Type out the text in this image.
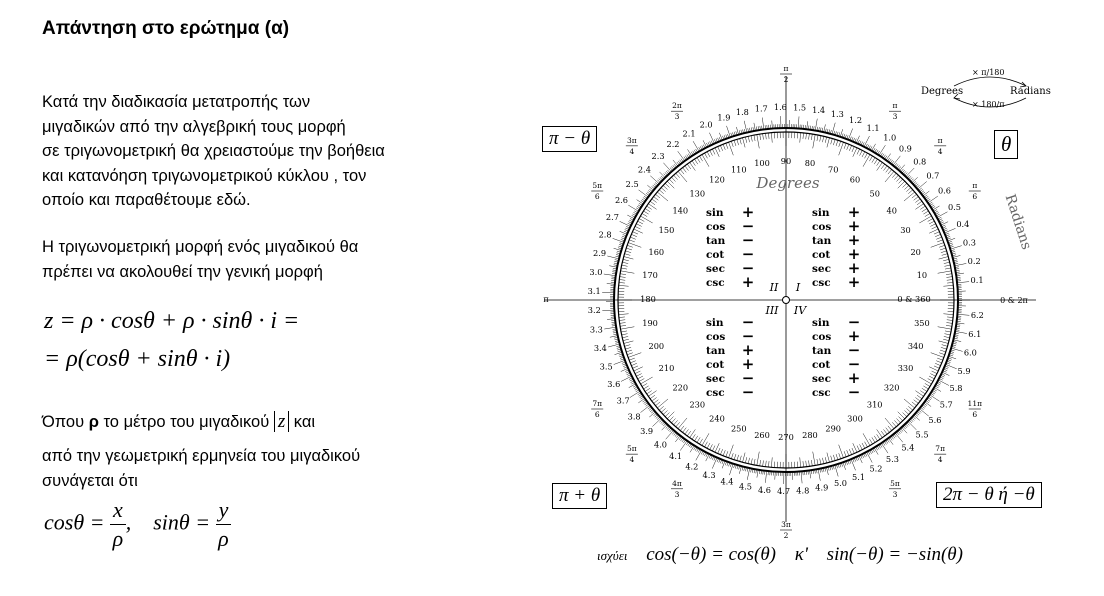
Απάντηση στο ερώτημα (α)
Κατά την διαδικασία μετατροπής των
μιγαδικών από την αλγεβρική τους μορφή
σε τριγωνομετρική θα χρειαστούμε την βοήθεια
και κατανόηση τριγωνομετρικού κύκλου , τον
οποίο και παραθέτουμε εδώ.
Η τριγωνομετρική μορφή ενός μιγαδικού θα
πρέπει να ακολουθεί την γενική μορφή
z = ρ · cosθ + ρ · sinθ · i =
= ρ(cosθ + sinθ · i)
Όπου ρ το μέτρο του μιγαδικού z και
από την γεωμετρική ερμηνεία του μιγαδικού
συνάγεται ότι
$\cos\theta = \frac{x}{\rho}$ ,    $\sin\theta = \frac{y}{\rho}$
0 & 360
10
20
30
40
50
60
70
80
90
100
110
120
130
140
150
160
170
180
190
200
210
220
230
240
250
260 270 280
290
300
310
320
330
340
350
0.1
0.2
0.3
0.4
0.5
0.6
0.7
0.8
0.9
1.0
1.1
1.2
1.3
1.4
1.5
1.6
1.7
1.8
1.9
2.0
2.1
2.2
2.3
2.4
2.5
2.6
2.7
2.8
2.9
3.0
3.1
3.2
3.3
3.4
3.5
3.6
3.7
3.8
3.9
4.0
4.1
4.2
4.3
4.4 4.5 4.6 4.7 4.8 4.9 5.0
5.1
5.2
5.3
5.4
5.5
5.6
5.7
5.8
5.9
6.0
6.1
6.2
0 & 2π
π
6
π
4
π
3
π
2
2π
3
3π
4
5π
6
π
7π
6
5π
4
4π
3
3π
2
5π
3
7π
4
11π
6
Degrees
Radians
I
II
III IV
sin +
cos −
tan −
cot −
sec −
csc +
sin +
cos +
tan +
cot +
sec +
csc +
sin −
cos −
tan +
cot +
sec −
csc −
sin −
cos +
tan −
cot −
sec +
csc −
π − θ	θ
π + θ	2π − θ ή −θ
Degrees	Radians
× π/180
× 180/π
ισχύει cos(−θ) = cos(θ) κ' sin(−θ) = −sin(θ)
